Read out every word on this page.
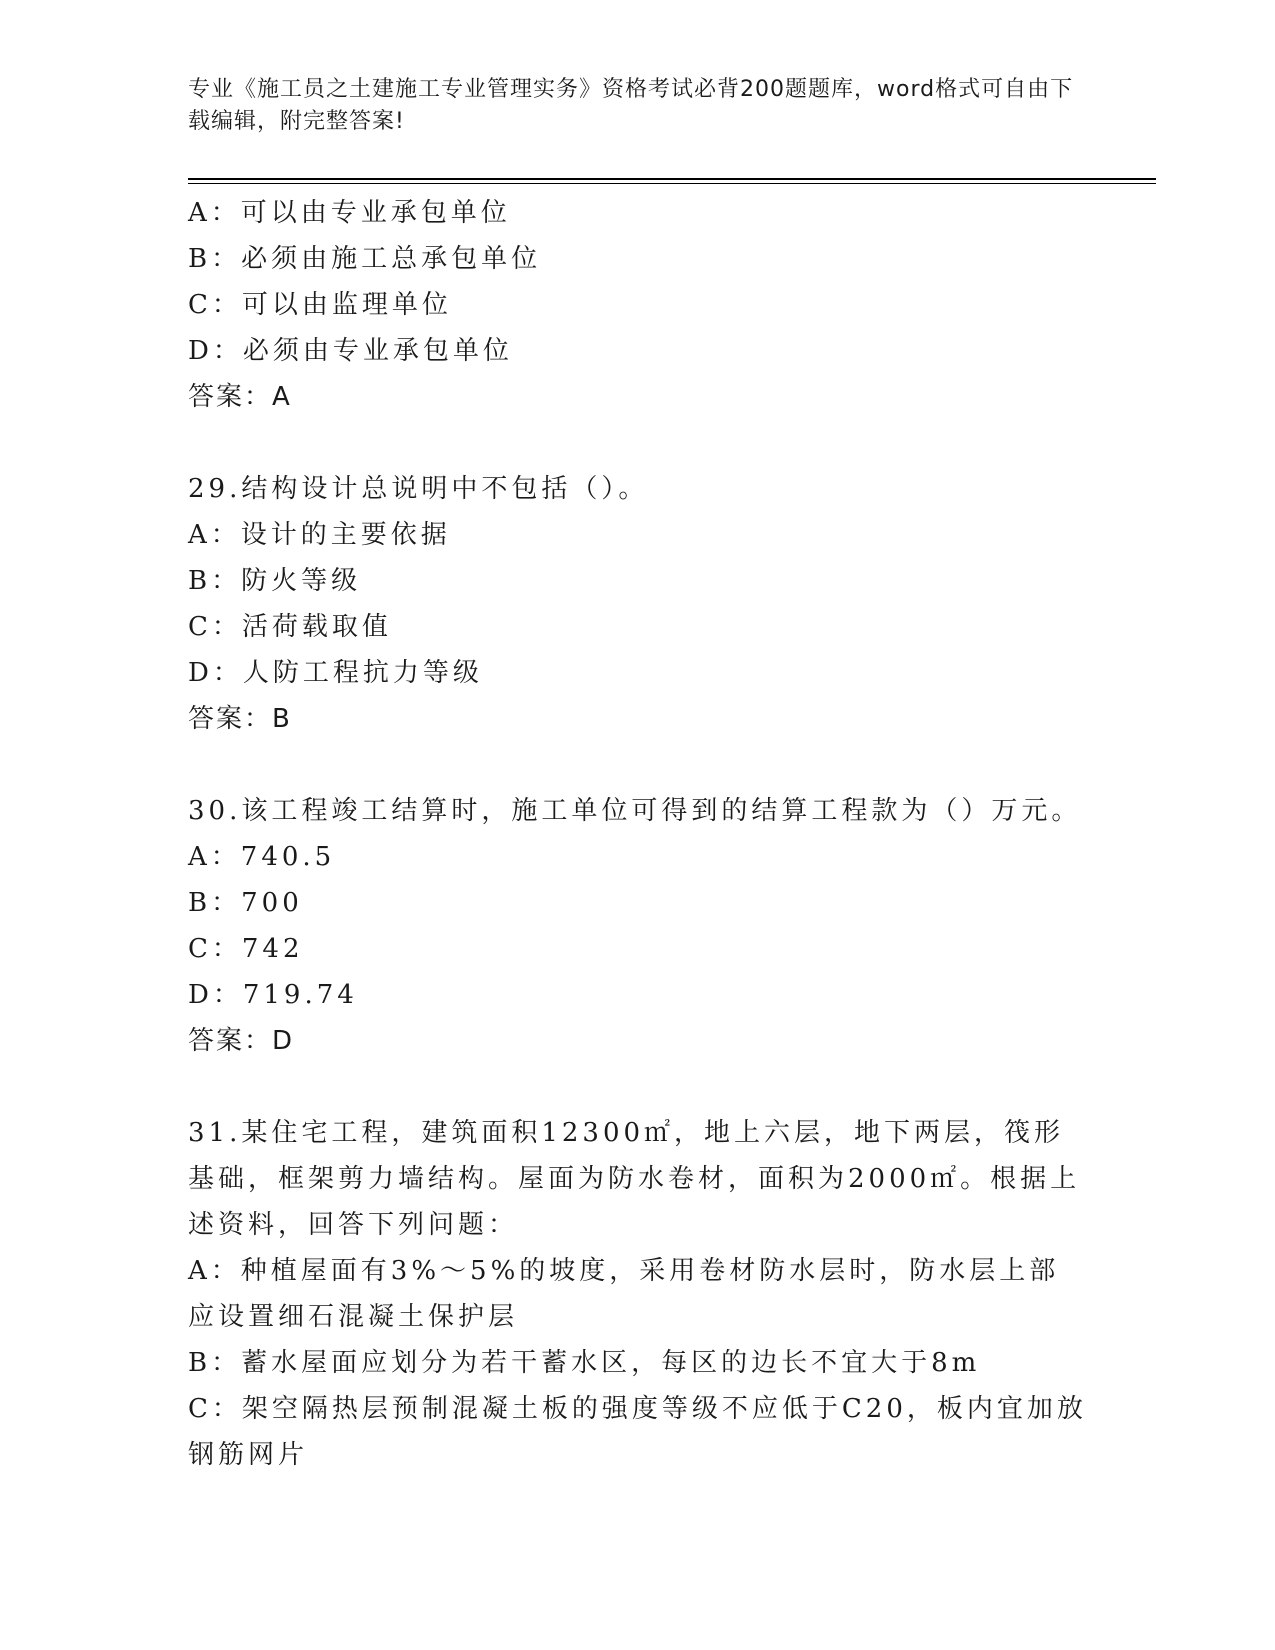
专业《施工员之土建施工专业管理实务》资格考试必背200题题库，word格式可自由下载编辑，附完整答案!
A：可以由专业承包单位
B：必须由施工总承包单位
C：可以由监理单位
D：必须由专业承包单位
答案：A
29.结构设计总说明中不包括（）。
A：设计的主要依据
B：防火等级
C：活荷载取值
D：人防工程抗力等级
答案：B
30.该工程竣工结算时，施工单位可得到的结算工程款为（）万元。
A：740.5
B：700
C：742
D：719.74
答案：D
31.某住宅工程，建筑面积12300㎡，地上六层，地下两层，筏形基础，框架剪力墙结构。屋面为防水卷材，面积为2000㎡。根据上述资料，回答下列问题：
A：种植屋面有3%～5%的坡度，采用卷材防水层时，防水层上部应设置细石混凝土保护层
B：蓄水屋面应划分为若干蓄水区，每区的边长不宜大于8m
C：架空隔热层预制混凝土板的强度等级不应低于C20，板内宜加放钢筋网片
